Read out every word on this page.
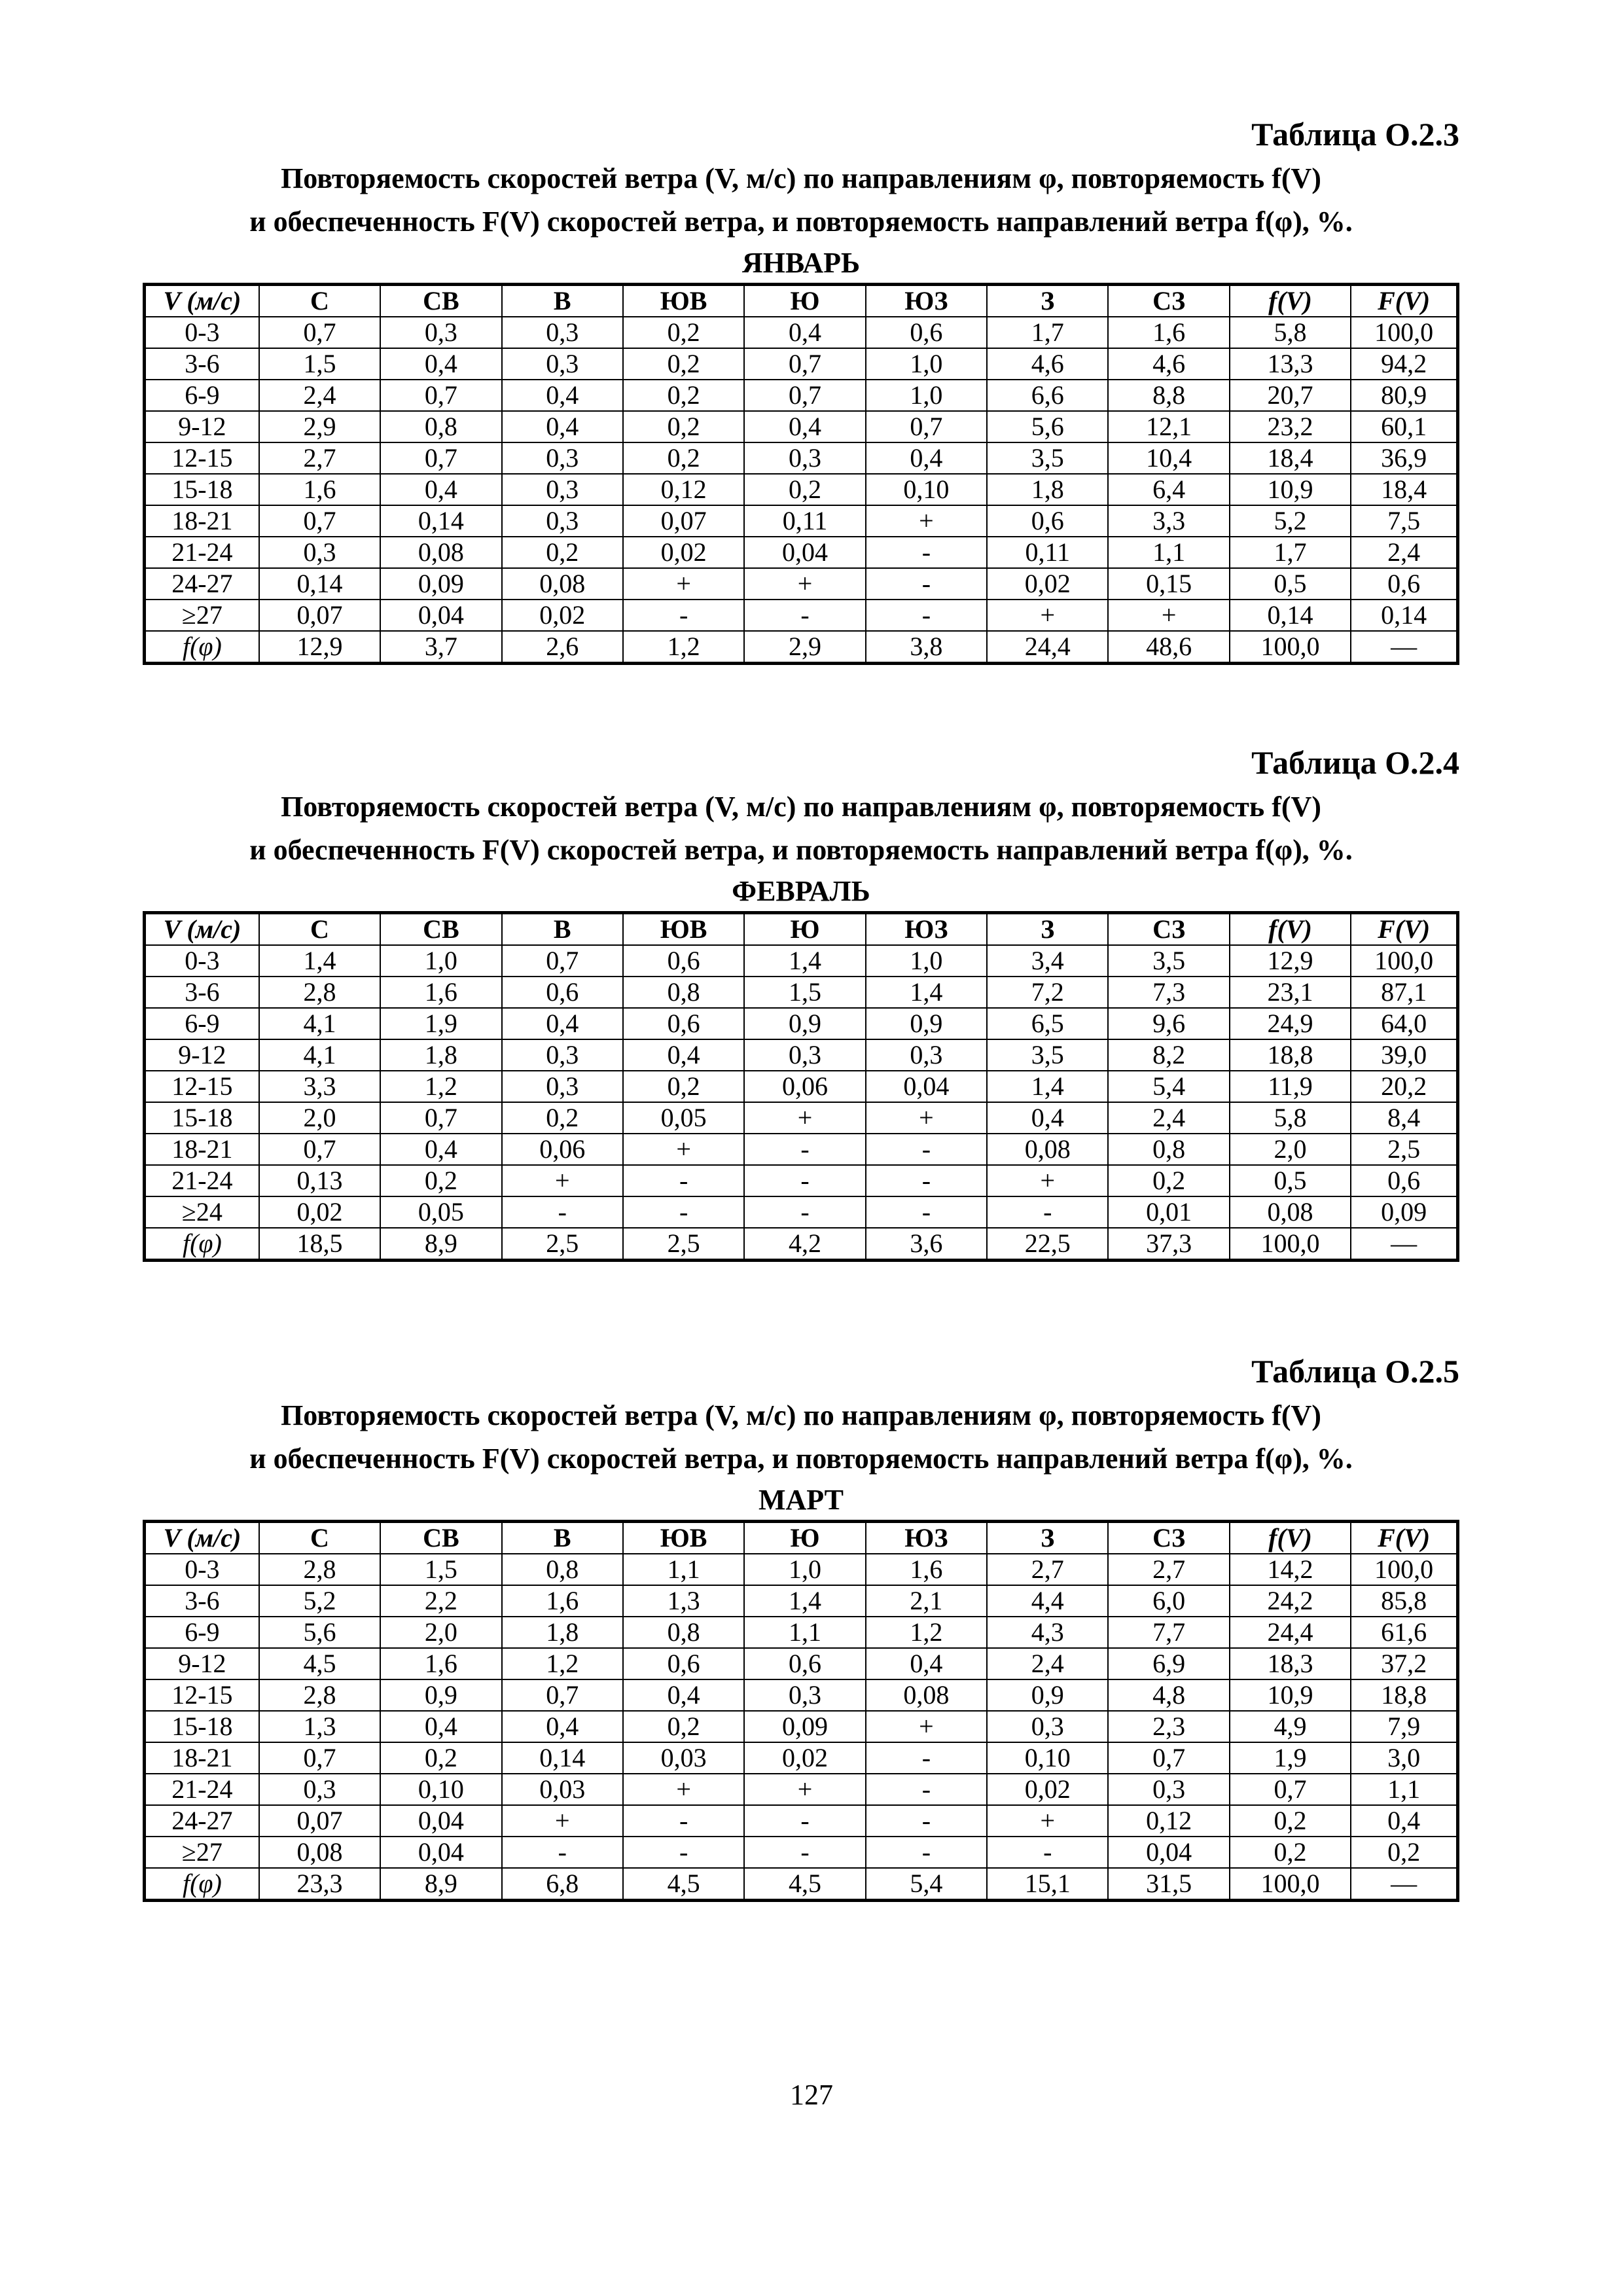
Таблица О.2.3
Повторяемость скоростей ветра (V, м/с) по направлениям φ, повторяемость f(V)
и обеспеченность F(V) скоростей ветра, и повторяемость направлений ветра f(φ), %.
ЯНВАРЬ
V (м/с)	С	СВ	В	ЮВ	Ю	ЮЗ	З	СЗ	f(V)	F(V)
0-3	0,7	0,3	0,3	0,2	0,4	0,6	1,7	1,6	5,8	100,0
3-6	1,5	0,4	0,3	0,2	0,7	1,0	4,6	4,6	13,3	94,2
6-9	2,4	0,7	0,4	0,2	0,7	1,0	6,6	8,8	20,7	80,9
9-12	2,9	0,8	0,4	0,2	0,4	0,7	5,6	12,1	23,2	60,1
12-15	2,7	0,7	0,3	0,2	0,3	0,4	3,5	10,4	18,4	36,9
15-18	1,6	0,4	0,3	0,12	0,2	0,10	1,8	6,4	10,9	18,4
18-21	0,7	0,14	0,3	0,07	0,11	+	0,6	3,3	5,2	7,5
21-24	0,3	0,08	0,2	0,02	0,04	-	0,11	1,1	1,7	2,4
24-27	0,14	0,09	0,08	+	+	-	0,02	0,15	0,5	0,6
≥27	0,07	0,04	0,02	-	-	-	+	+	0,14	0,14
f(φ)	12,9	3,7	2,6	1,2	2,9	3,8	24,4	48,6	100,0	—
Таблица О.2.4
Повторяемость скоростей ветра (V, м/с) по направлениям φ, повторяемость f(V)
и обеспеченность F(V) скоростей ветра, и повторяемость направлений ветра f(φ), %.
ФЕВРАЛЬ
V (м/с)	С	СВ	В	ЮВ	Ю	ЮЗ	З	СЗ	f(V)	F(V)
0-3	1,4	1,0	0,7	0,6	1,4	1,0	3,4	3,5	12,9	100,0
3-6	2,8	1,6	0,6	0,8	1,5	1,4	7,2	7,3	23,1	87,1
6-9	4,1	1,9	0,4	0,6	0,9	0,9	6,5	9,6	24,9	64,0
9-12	4,1	1,8	0,3	0,4	0,3	0,3	3,5	8,2	18,8	39,0
12-15	3,3	1,2	0,3	0,2	0,06	0,04	1,4	5,4	11,9	20,2
15-18	2,0	0,7	0,2	0,05	+	+	0,4	2,4	5,8	8,4
18-21	0,7	0,4	0,06	+	-	-	0,08	0,8	2,0	2,5
21-24	0,13	0,2	+	-	-	-	+	0,2	0,5	0,6
≥24	0,02	0,05	-	-	-	-	-	0,01	0,08	0,09
f(φ)	18,5	8,9	2,5	2,5	4,2	3,6	22,5	37,3	100,0	—
Таблица О.2.5
Повторяемость скоростей ветра (V, м/с) по направлениям φ, повторяемость f(V)
и обеспеченность F(V) скоростей ветра, и повторяемость направлений ветра f(φ), %.
МАРТ
V (м/с)	С	СВ	В	ЮВ	Ю	ЮЗ	З	СЗ	f(V)	F(V)
0-3	2,8	1,5	0,8	1,1	1,0	1,6	2,7	2,7	14,2	100,0
3-6	5,2	2,2	1,6	1,3	1,4	2,1	4,4	6,0	24,2	85,8
6-9	5,6	2,0	1,8	0,8	1,1	1,2	4,3	7,7	24,4	61,6
9-12	4,5	1,6	1,2	0,6	0,6	0,4	2,4	6,9	18,3	37,2
12-15	2,8	0,9	0,7	0,4	0,3	0,08	0,9	4,8	10,9	18,8
15-18	1,3	0,4	0,4	0,2	0,09	+	0,3	2,3	4,9	7,9
18-21	0,7	0,2	0,14	0,03	0,02	-	0,10	0,7	1,9	3,0
21-24	0,3	0,10	0,03	+	+	-	0,02	0,3	0,7	1,1
24-27	0,07	0,04	+	-	-	-	+	0,12	0,2	0,4
≥27	0,08	0,04	-	-	-	-	-	0,04	0,2	0,2
f(φ)	23,3	8,9	6,8	4,5	4,5	5,4	15,1	31,5	100,0	—
127
